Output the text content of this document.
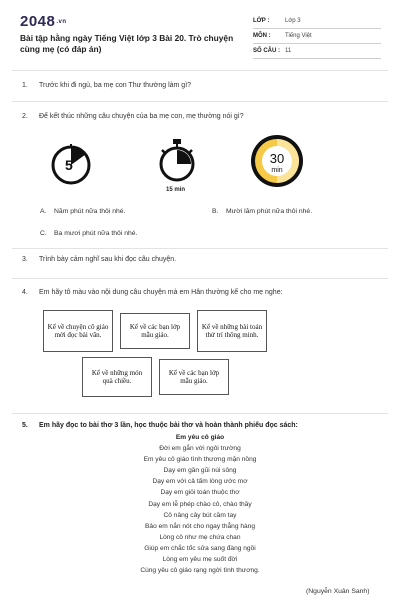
2048.vn
Bài tập hằng ngày Tiếng Việt lớp 3 Bài 20. Trò chuyện cùng mẹ (có đáp án)
LỚP :	Lớp 3
MÔN : Tiếng Việt
SỐ CÂU : 11
1. Trước khi đi ngủ, ba mẹ con Thư thường làm gì?
2. Để kết thúc những câu chuyện của ba mẹ con, mẹ thường nói gì?
5
15 min
30
min
A. Năm phút nữa thôi nhé.	B. Mười lăm phút nữa thôi nhé.
C. Ba mươi phút nữa thôi nhé.
3. Trình bày cảm nghĩ sau khi đọc câu chuyện.
4. Em hãy tô màu vào nội dung câu chuyện mà em Hân thường kể cho mẹ nghe:
Kể về chuyện cô giáo mời đọc bài văn.
Kể về các bạn lớp mẫu giáo.
Kể về những bài toán thử trí thông minh.
Kể về những món quà chiều.
Kể về các bạn lớp mẫu giáo.
5. Em hãy đọc to bài thơ 3 lần, học thuộc bài thơ và hoàn thành phiếu đọc sách:
Em yêu cô giáo
Đời em gắn với ngôi trường
Em yêu cô giáo tình thương mặn nồng
Dạy em gần gũi núi sông
Dạy em với cả tấm lòng ước mơ
Dạy em giỏi toán thuộc thơ
Dạy em lễ phép chào cô, chào thầy
Cô nâng cây bút cầm tay
Bảo em nắn nót cho ngay thẳng hàng
Lòng cô như mẹ chứa chan
Giúp em chắc tốc sửa sang đàng ngồi
Lòng em yêu mẹ suốt đời
Cùng yêu cô giáo rạng ngời tình thương.
(Nguyễn Xuân Sanh)
